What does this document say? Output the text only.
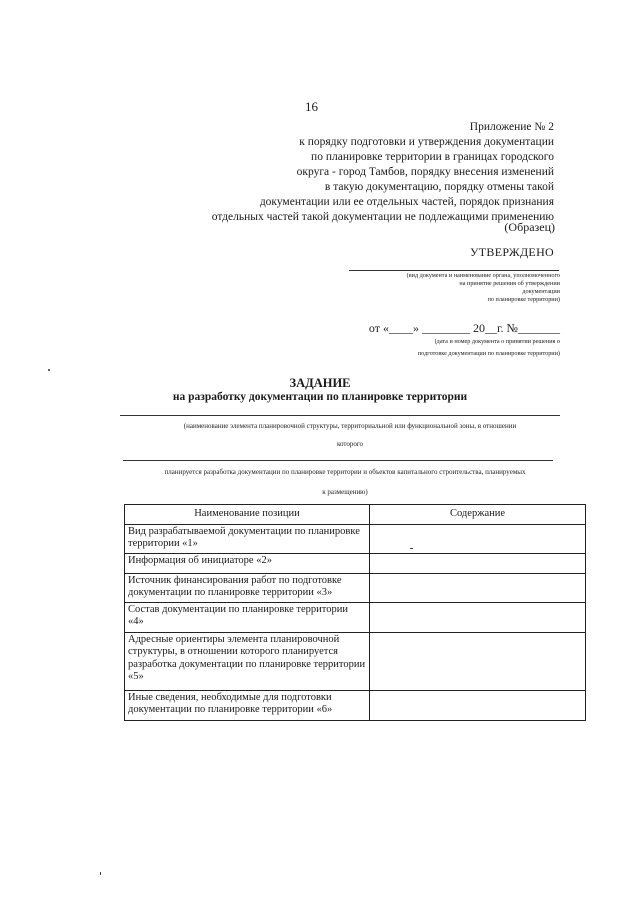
16
Приложение № 2
к порядку подготовки и утверждения документации
по планировке территории в границах городского
округа - город Тамбов, порядку внесения изменений
в такую документацию, порядку отмены такой
документации или ее отдельных частей, порядок признания
отдельных частей такой документации не подлежащими применению
(Образец)
УТВЕРЖДЕНО
(вид документа и наименование органа, уполномоченного
на принятие решения об утверждении
документации
по планировке территории)
от «____» ________ 20__г. №_______
(дата и номер документа о принятии решения о
подготовке документации по планировке территории)
ЗАДАНИЕ
на разработку документации по планировке территории
(наименование элемента планировочной структуры, территориальной или функциональной зоны, в отношении
которого
планируется разработка документации по планировке территории и объектов капитального строительства, планируемых
к размещению)
Наименование позиции	Содержание
Вид разрабатываемой документации по планировке территории «1»	
Информация об инициаторе «2»	
Источник финансирования работ по подготовке документации по планировке территории «3»	
Состав документации по планировке территории «4»	
Адресные ориентиры элемента планировочной структуры, в отношении которого планируется разработка документации по планировке территории «5»	
Иные сведения, необходимые для подготовки документации по планировке территории «6»	
